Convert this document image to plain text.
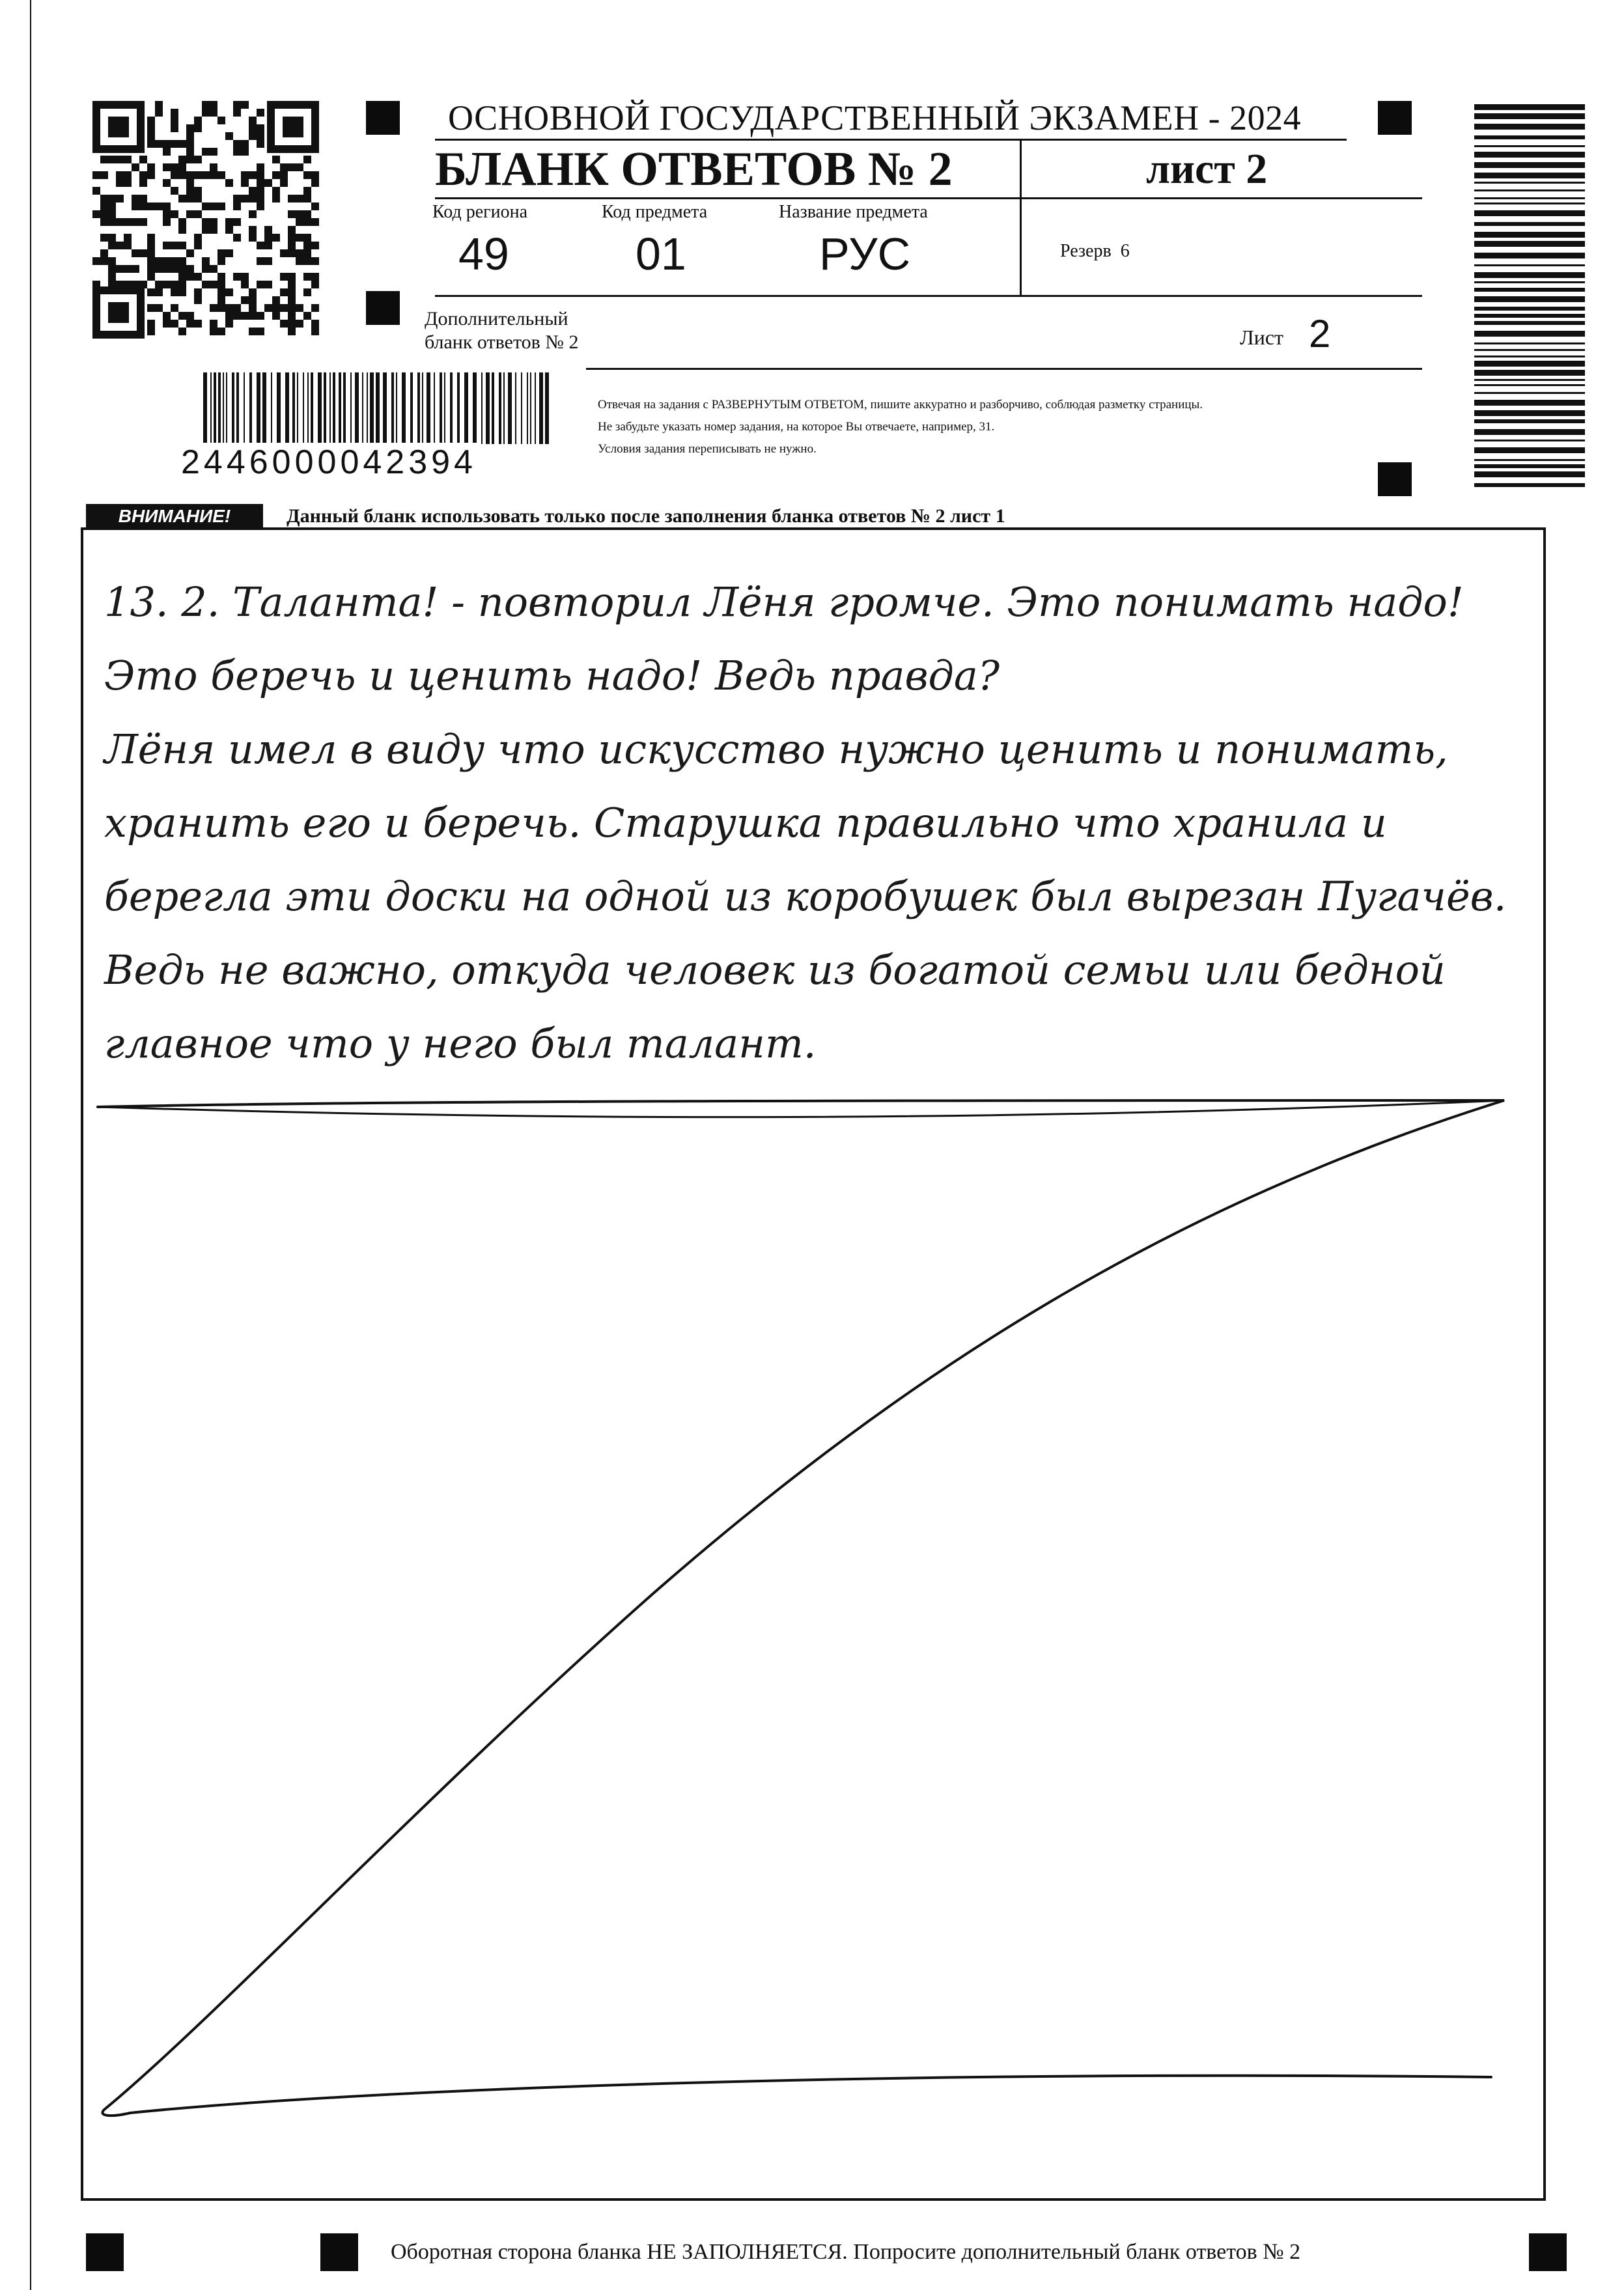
ОСНОВНОЙ ГОСУДАРСТВЕННЫЙ ЭКЗАМЕН - 2024
БЛАНК ОТВЕТОВ № 2	лист 2
Код региона
49
Код предмета
01
Название предмета
РУС	Резерв 6
Дополнительный
бланк ответов № 2	Лист 2
2446000042394
Отвечая на задания с РАЗВЕРНУТЫМ ОТВЕТОМ, пишите аккуратно и разборчиво, соблюдая разметку страницы.
Не забудьте указать номер задания, на которое Вы отвечаете, например, 31.
Условия задания переписывать не нужно.
ВНИМАНИЕ!	Данный бланк использовать только после заполнения бланка ответов № 2 лист 1
13. 2. Таланта! - повторил Лёня громче. Это понимать надо!
Это беречь и ценить надо! Ведь правда?
Лёня имел в виду что искусство нужно ценить и понимать,
хранить его и беречь. Старушка правильно что хранила и
берегла эти доски на одной из коробушек был вырезан Пугачёв.
Ведь не важно, откуда человек из богатой семьи или бедной
главное что у него был талант.
Оборотная сторона бланка НЕ ЗАПОЛНЯЕТСЯ. Попросите дополнительный бланк ответов № 2
